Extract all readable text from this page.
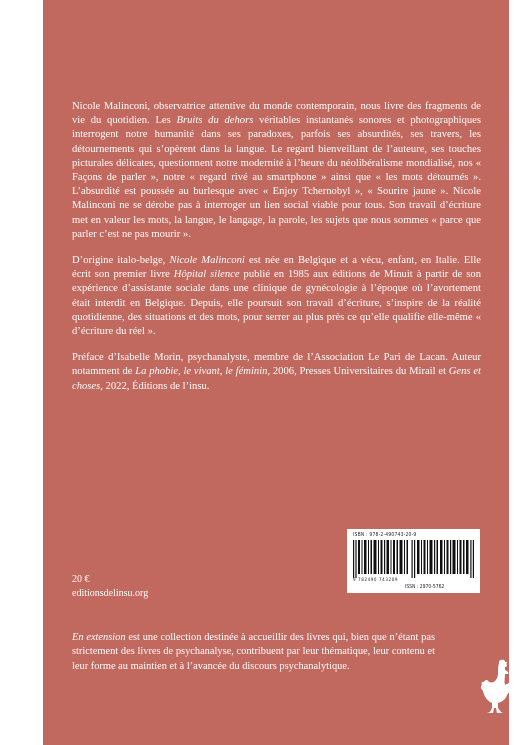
Nicole Malinconi, observatrice attentive du monde contemporain, nous livre des fragments de vie du quotidien. Les Bruits du dehors véritables instantanés sonores et photographiques interrogent notre humanité dans ses paradoxes, parfois ses absurdités, ses travers, les détournements qui s’opèrent dans la langue. Le regard bienveillant de l’auteure, ses touches picturales délicates, questionnent notre modernité à l’heure du néolibéralisme mondialisé, nos « Façons de parler », notre « regard rivé au smartphone » ainsi que « les mots détournés ». L’absurdité est poussée au burlesque avec « Enjoy Tchernobyl », « Sourire jaune ». Nicole Malinconi ne se dérobe pas à interroger un lien social viable pour tous. Son travail d’écriture met en valeur les mots, la langue, le langage, la parole, les sujets que nous sommes « parce que parler c’est ne pas mourir ».

D’origine italo-belge, Nicole Malinconi est née en Belgique et a vécu, enfant, en Italie. Elle écrit son premier livre Hôpital silence publié en 1985 aux éditions de Minuit à partir de son expérience d’assistante sociale dans une clinique de gynécologie à l’époque où l’avortement était interdit en Belgique. Depuis, elle poursuit son travail d’écriture, s’inspire de la réalité quotidienne, des situations et des mots, pour serrer au plus près ce qu’elle qualifie elle-même « d’écriture du réel ».

Préface d’Isabelle Morin, psychanalyste, membre de l’Association Le Pari de Lacan. Auteur notamment de La phobie, le vivant, le féminin, 2006, Presses Universitaires du Mirail et Gens et choses, 2022, Éditions de l’insu.

ISBN : 978-2-490743-20-9
9 782490 743209
ISSN : 2970-5762
20 €
editionsdelinsu.org

En extension est une collection destinée à accueillir des livres qui, bien que n’étant pas strictement des livres de psychanalyse, contribuent par leur thématique, leur contenu et leur forme au maintien et à l’avancée du discours psychanalytique.
